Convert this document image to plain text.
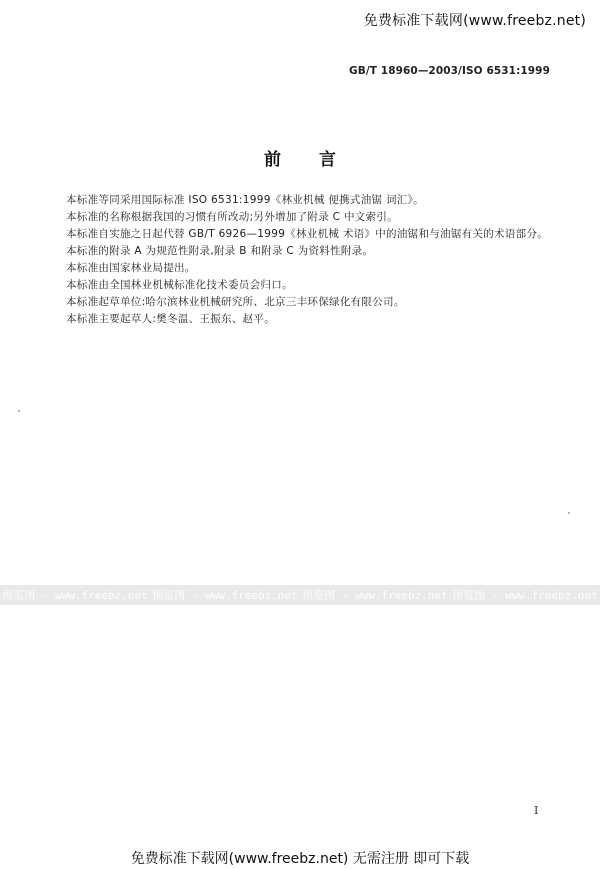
免费标准下载网(www.freebz.net)
GB/T 18960—2003/ISO 6531:1999
前 言

本标准等同采用国际标准 ISO 6531:1999《林业机械 便携式油锯 词汇》。

本标准的名称根据我国的习惯有所改动;另外增加了附录 C 中文索引。

本标准自实施之日起代替 GB/T 6926—1999《林业机械 术语》中的油锯和与油锯有关的术语部分。

本标准的附录 A 为规范性附录,附录 B 和附录 C 为资料性附录。

本标准由国家林业局提出。

本标准由全国林业机械标准化技术委员会归口。

本标准起草单位:哈尔滨林业机械研究所、北京三丰环保绿化有限公司。

本标准主要起草人:樊冬温、王振东、赵平。

预览图 - www.freebz.net 预览图 - www.freebz.net 预览图 - www.freebz.net 预览图 - www.freebz.net
I
免费标准下载网(www.freebz.net) 无需注册 即可下载
